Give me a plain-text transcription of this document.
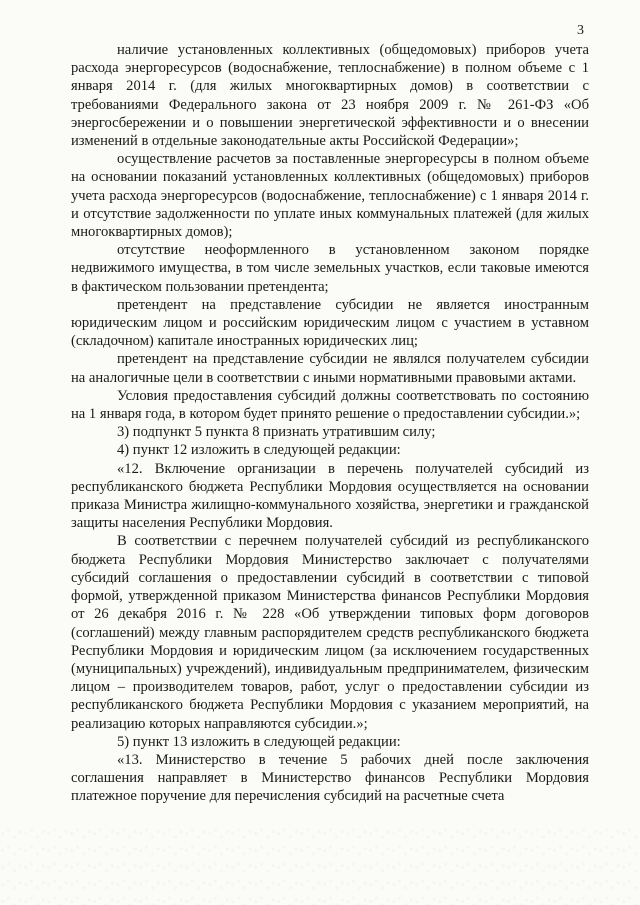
3

наличие установленных коллективных (общедомовых) приборов учета расхода энергоресурсов (водоснабжение, теплоснабжение) в полном объеме с 1 января 2014 г. (для жилых многоквартирных домов) в соответствии с требованиями Федерального закона от 23 ноября 2009 г. № 261-ФЗ «Об энергосбережении и о повышении энергетической эффективности и о внесении изменений в отдельные законодательные акты Российской Федерации»;

осуществление расчетов за поставленные энергоресурсы в полном объеме на основании показаний установленных коллективных (общедомовых) приборов учета расхода энергоресурсов (водоснабжение, теплоснабжение) с 1 января 2014 г. и отсутствие задолженности по уплате иных коммунальных платежей (для жилых многоквартирных домов);

отсутствие неоформленного в установленном законом порядке недвижимого имущества, в том числе земельных участков, если таковые имеются в фактическом пользовании претендента;

претендент на представление субсидии не является иностранным юридическим лицом и российским юридическим лицом с участием в уставном (складочном) капитале иностранных юридических лиц;

претендент на представление субсидии не являлся получателем субсидии на аналогичные цели в соответствии с иными нормативными правовыми актами.

Условия предоставления субсидий должны соответствовать по состоянию на 1 января года, в котором будет принято решение о предоставлении субсидии.»;

3) подпункт 5 пункта 8 признать утратившим силу;

4) пункт 12 изложить в следующей редакции:

«12. Включение организации в перечень получателей субсидий из республиканского бюджета Республики Мордовия осуществляется на основании приказа Министра жилищно-коммунального хозяйства, энергетики и гражданской защиты населения Республики Мордовия.

В соответствии с перечнем получателей субсидий из республиканского бюджета Республики Мордовия Министерство заключает с получателями субсидий соглашения о предоставлении субсидий в соответствии с типовой формой, утвержденной приказом Министерства финансов Республики Мордовия от 26 декабря 2016 г. № 228 «Об утверждении типовых форм договоров (соглашений) между главным распорядителем средств республиканского бюджета Республики Мордовия и юридическим лицом (за исключением государственных (муниципальных) учреждений), индивидуальным предпринимателем, физическим лицом – производителем товаров, работ, услуг о предоставлении субсидии из республиканского бюджета Республики Мордовия с указанием мероприятий, на реализацию которых направляются субсидии.»;

5) пункт 13 изложить в следующей редакции:

«13. Министерство в течение 5 рабочих дней после заключения соглашения направляет в Министерство финансов Республики Мордовия платежное поручение для перечисления субсидий на расчетные счета
